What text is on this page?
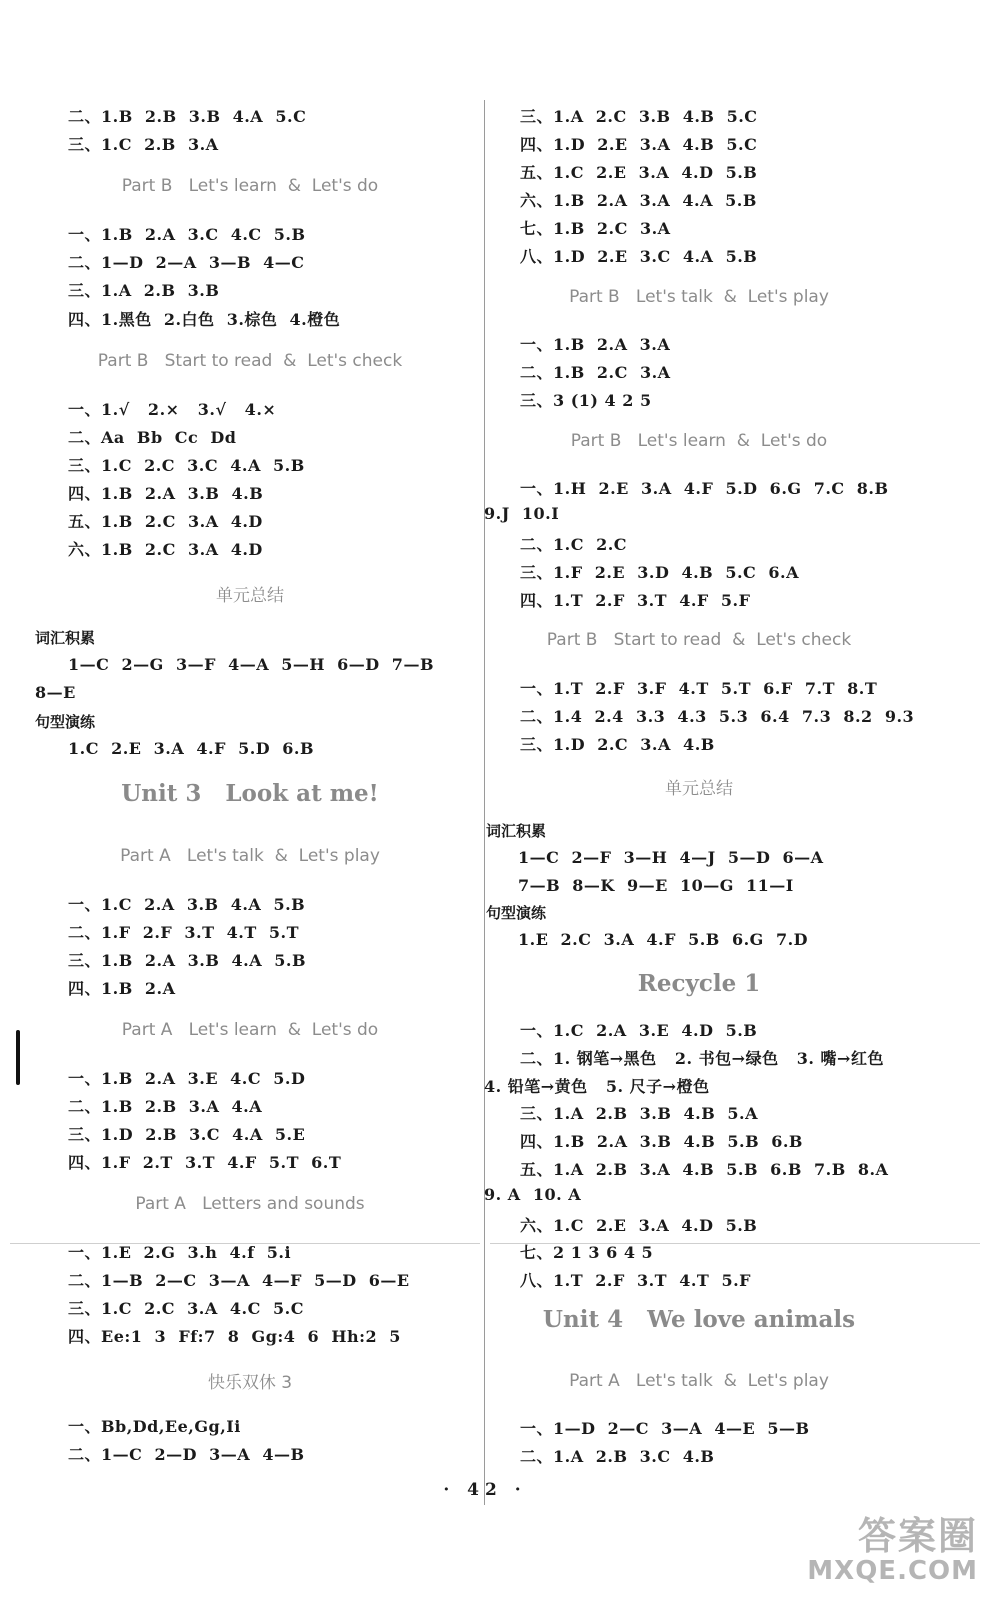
二、1.B  2.B  3.B  4.A  5.C
三、1.C  2.B  3.A
Part B   Let's learn  &  Let's do
一、1.B  2.A  3.C  4.C  5.B
二、1—D  2—A  3—B  4—C
三、1.A  2.B  3.B
四、1.黑色  2.白色  3.棕色  4.橙色
Part B   Start to read  &  Let's check
一、1.√   2.×   3.√   4.×
二、Aa  Bb  Cc  Dd
三、1.C  2.C  3.C  4.A  5.B
四、1.B  2.A  3.B  4.B
五、1.B  2.C  3.A  4.D
六、1.B  2.C  3.A  4.D
单元总结
词汇积累
1—C  2—G  3—F  4—A  5—H  6—D  7—B
8—E
句型演练
1.C  2.E  3.A  4.F  5.D  6.B
Unit 3   Look at me!
Part A   Let's talk  &  Let's play
一、1.C  2.A  3.B  4.A  5.B
二、1.F  2.F  3.T  4.T  5.T
三、1.B  2.A  3.B  4.A  5.B
四、1.B  2.A
Part A   Let's learn  &  Let's do
一、1.B  2.A  3.E  4.C  5.D
二、1.B  2.B  3.A  4.A
三、1.D  2.B  3.C  4.A  5.E
四、1.F  2.T  3.T  4.F  5.T  6.T
Part A   Letters and sounds
一、1.E  2.G  3.h  4.f  5.i
二、1—B  2—C  3—A  4—F  5—D  6—E
三、1.C  2.C  3.A  4.C  5.C
四、Ee:1  3  Ff:7  8  Gg:4  6  Hh:2  5
快乐双休 3
一、Bb,Dd,Ee,Gg,Ii
二、1—C  2—D  3—A  4—B
三、1.A  2.C  3.B  4.B  5.C
四、1.D  2.E  3.A  4.B  5.C
五、1.C  2.E  3.A  4.D  5.B
六、1.B  2.A  3.A  4.A  5.B
七、1.B  2.C  3.A
八、1.D  2.E  3.C  4.A  5.B
Part B   Let's talk  &  Let's play
一、1.B  2.A  3.A
二、1.B  2.C  3.A
三、3 (1) 4 2 5
Part B   Let's learn  &  Let's do
一、1.H  2.E  3.A  4.F  5.D  6.G  7.C  8.B
9.J  10.I
二、1.C  2.C
三、1.F  2.E  3.D  4.B  5.C  6.A
四、1.T  2.F  3.T  4.F  5.F
Part B   Start to read  &  Let's check
一、1.T  2.F  3.F  4.T  5.T  6.F  7.T  8.T
二、1.4  2.4  3.3  4.3  5.3  6.4  7.3  8.2  9.3
三、1.D  2.C  3.A  4.B
单元总结
词汇积累
1—C  2—F  3—H  4—J  5—D  6—A
7—B  8—K  9—E  10—G  11—I
句型演练
1.E  2.C  3.A  4.F  5.B  6.G  7.D
Recycle 1
一、1.C  2.A  3.E  4.D  5.B
二、1. 钢笔→黑色   2. 书包→绿色   3. 嘴→红色
4. 铅笔→黄色   5. 尺子→橙色
三、1.A  2.B  3.B  4.B  5.A
四、1.B  2.A  3.B  4.B  5.B  6.B
五、1.A  2.B  3.A  4.B  5.B  6.B  7.B  8.A
9. A  10. A
六、1.C  2.E  3.A  4.D  5.B
七、2 1 3 6 4 5
八、1.T  2.F  3.T  4.T  5.F
Unit 4   We love animals
Part A   Let's talk  &  Let's play
一、1—D  2—C  3—A  4—E  5—B
二、1.A  2.B  3.C  4.B
· 42 ·
答案圈
MXQE.COM
